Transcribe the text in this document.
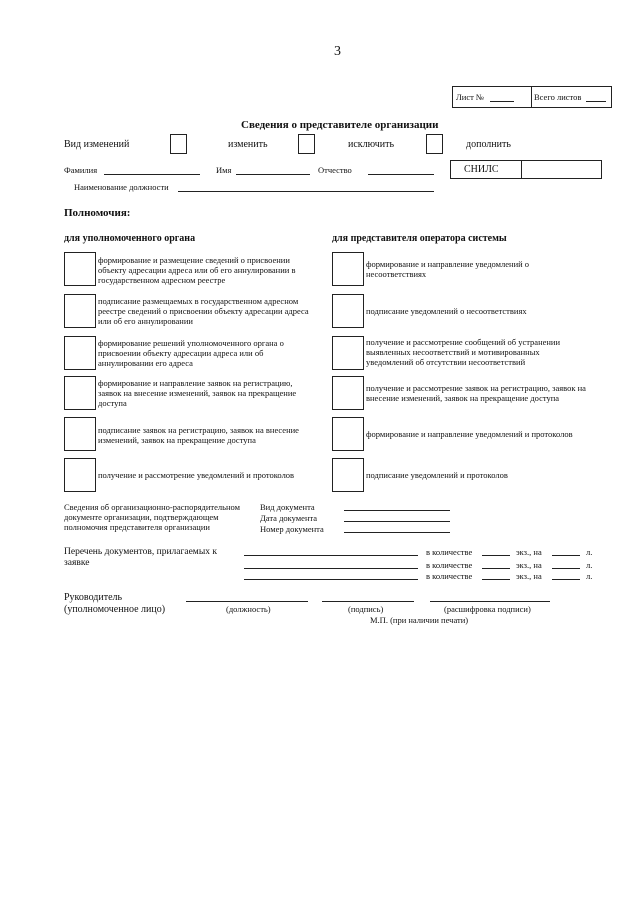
3
Лист №	Всего листов
Сведения о представителе организации
Вид изменений	изменить	исключить	дополнить
Фамилия	Имя	Отчество	СНИЛС
Наименование должности
Полномочия:
для уполномоченного органа	для представителя оператора системы
формирование и размещение сведений о присвоении объекту адресации адреса или об его аннулировании в государственном адресном реестре
подписание размещаемых в государственном адресном реестре сведений о присвоении объекту адресации адреса или об его аннулировании
формирование решений уполномоченного органа о присвоении объекту адресации адреса или об аннулировании его адреса
формирование и направление заявок на регистрацию, заявок на внесение изменений, заявок на прекращение доступа
подписание заявок на регистрацию, заявок на внесение изменений, заявок на прекращение доступа
получение и рассмотрение уведомлений и протоколов
формирование и направление уведомлений о несоответствиях
подписание уведомлений о несоответствиях
получение и рассмотрение сообщений об устранении выявленных несоответствий и мотивированных уведомлений об отсутствии несоответствий
получение и рассмотрение заявок на регистрацию, заявок на внесение изменений, заявок на прекращение доступа
формирование и направление уведомлений и протоколов
подписание уведомлений и протоколов
Сведения об организационно-распорядительном документе организации, подтверждающем полномочия представителя организации
Вид документа
Дата документа
Номер документа
Перечень документов, прилагаемых к заявке
в количестве	экз., на	л.
в количестве	экз., на	л.
в количестве	экз., на	л.
Руководитель
(уполномоченное лицо)	(должность)	(подпись)	(расшифровка подписи)
М.П. (при наличии печати)
